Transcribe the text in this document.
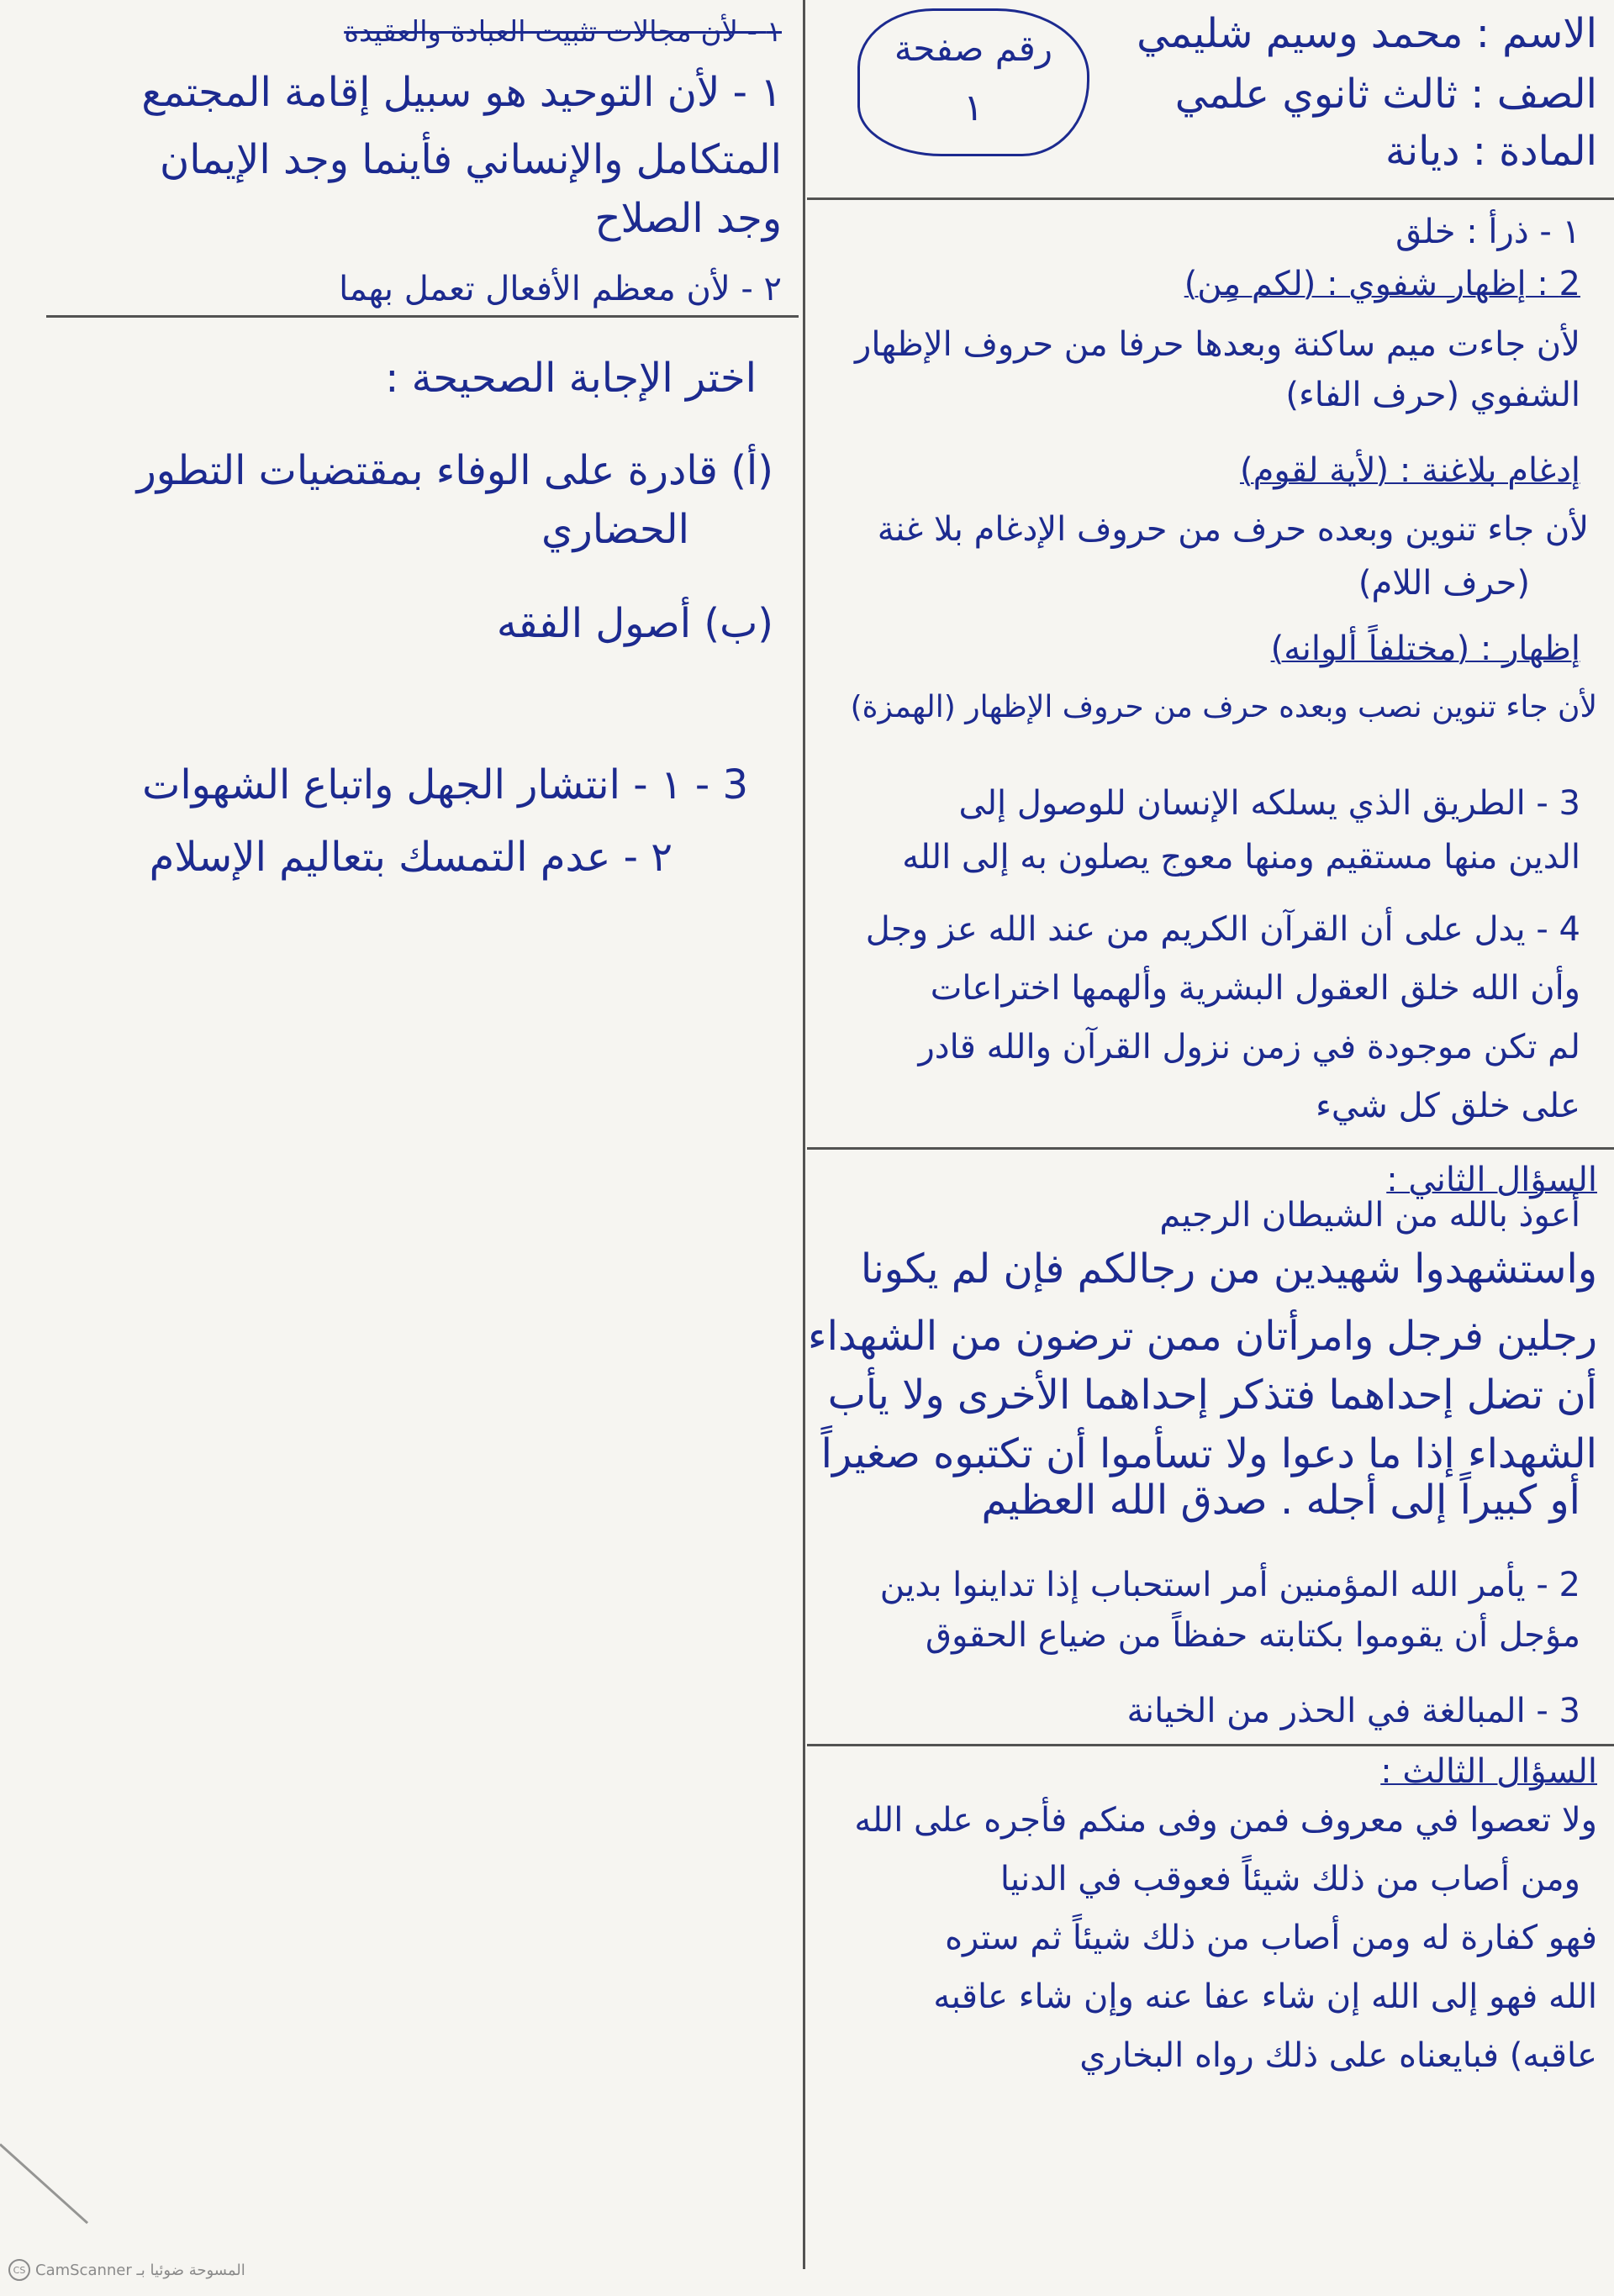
رقم صفحة
١
الاسم : محمد وسيم شليمي
الصف : ثالث ثانوي علمي
المادة : ديانة
١ - ذرأ : خلق
2 : إظهار شفوي : (لكم مِن)
لأن جاءت ميم ساكنة وبعدها حرفا من حروف الإظهار
الشفوي (حرف الفاء)
إدغام بلاغنة : (لأية لقوم)
لأن جاء تنوين وبعده حرف من حروف الإدغام بلا غنة
(حرف اللام)
إظهار : (مختلفاً ألوانه)
لأن جاء تنوين نصب وبعده حرف من حروف الإظهار (الهمزة)
3 - الطريق الذي يسلكه الإنسان للوصول إلى
الدين منها مستقيم ومنها معوج يصلون به إلى الله
4 - يدل على أن القرآن الكريم من عند الله عز وجل
وأن الله خلق العقول البشرية وألهمها اختراعات
لم تكن موجودة في زمن نزول القرآن والله قادر
على خلق كل شيء
السؤال الثاني :
أعوذ بالله من الشيطان الرجيم
واستشهدوا شهيدين من رجالكم فإن لم يكونا
رجلين فرجل وامرأتان ممن ترضون من الشهداء
أن تضل إحداهما فتذكر إحداهما الأخرى ولا يأب
الشهداء إذا ما دعوا ولا تسأموا أن تكتبوه صغيراً
أو كبيراً إلى أجله . صدق الله العظيم
2 - يأمر الله المؤمنين أمر استحباب إذا تداينوا بدين
مؤجل أن يقوموا بكتابته حفظاً من ضياع الحقوق
3 - المبالغة في الحذر من الخيانة
السؤال الثالث :
ولا تعصوا في معروف فمن وفى منكم فأجره على الله
ومن أصاب من ذلك شيئاً فعوقب في الدنيا
فهو كفارة له ومن أصاب من ذلك شيئاً ثم ستره
الله فهو إلى الله إن شاء عفا عنه وإن شاء عاقبه
عاقبه) فبايعناه على ذلك رواه البخاري
١ - لأن مجالات تثبيت العبادة والعقيدة
١ - لأن التوحيد هو سبيل إقامة المجتمع
المتكامل والإنساني فأينما وجد الإيمان
وجد الصلاح
٢ - لأن معظم الأفعال تعمل بهما
اختر الإجابة الصحيحة :
(أ) قادرة على الوفاء بمقتضيات التطور
الحضاري
(ب) أصول الفقه
3 - ١ - انتشار الجهل واتباع الشهوات
٢ - عدم التمسك بتعاليم الإسلام
CS CamScanner المسوحة ضوئيا بـ
